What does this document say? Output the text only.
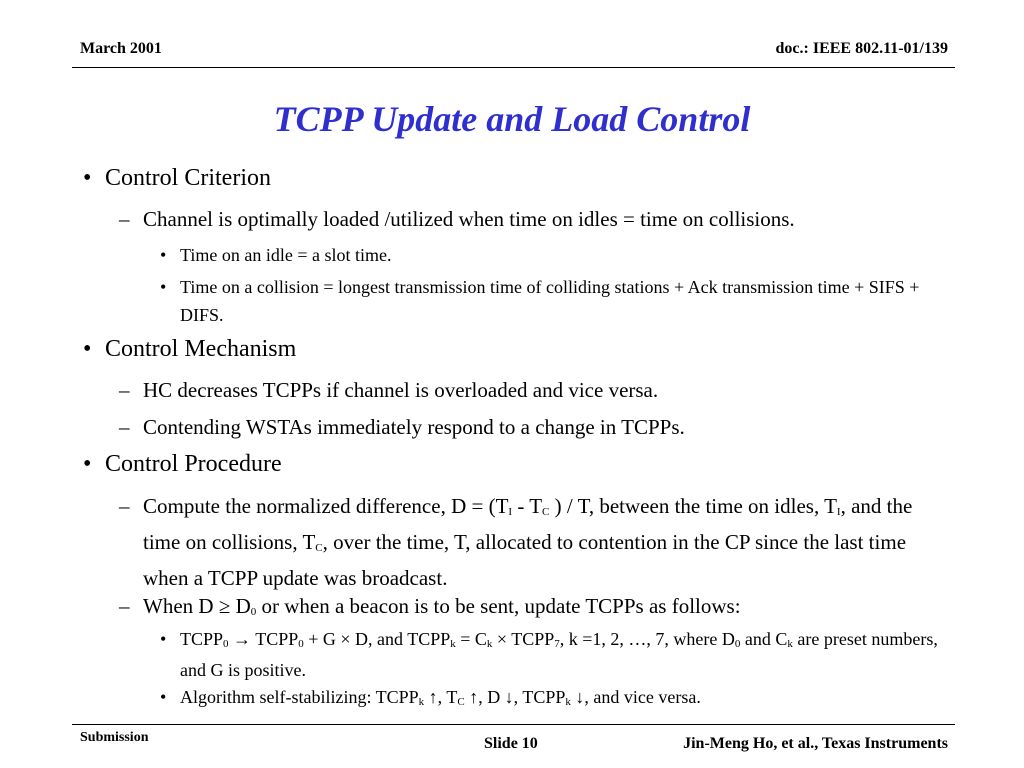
March 2001	doc.: IEEE 802.11-01/139
TCPP Update and Load Control
• Control Criterion
– Channel is optimally loaded /utilized when time on idles = time on collisions.
• Time on an idle = a slot time.
• Time on a collision = longest transmission time of colliding stations + Ack transmission time + SIFS + DIFS.
• Control Mechanism
– HC decreases TCPPs if channel is overloaded and vice versa.
– Contending WSTAs immediately respond to a change in TCPPs.
• Control Procedure
– Compute the normalized difference, $D = (T_I - T_C$ ) / T, between the time on idles, $T_I$, and the time on collisions, $T_C$, over the time, T, allocated to contention in the CP since the last time when a TCPP update was broadcast.
– When $D \ge D_0$ or when a beacon is to be sent, update TCPPs as follows:
• $TCPP_0$ → $TCPP_0 + G \times D$, and $TCPP_k = C_k$ × $TCPP_7$, k =1, 2, …, 7, where $D_0$ and $C_k$ are preset numbers, and G is positive.
• Algorithm self-stabilizing: $TCPP_k$ ↑, $T_C$ ↑, D ↓, $TCPP_k$ ↓, and vice versa.
Submission	Slide 10	Jin-Meng Ho, et al., Texas Instruments
